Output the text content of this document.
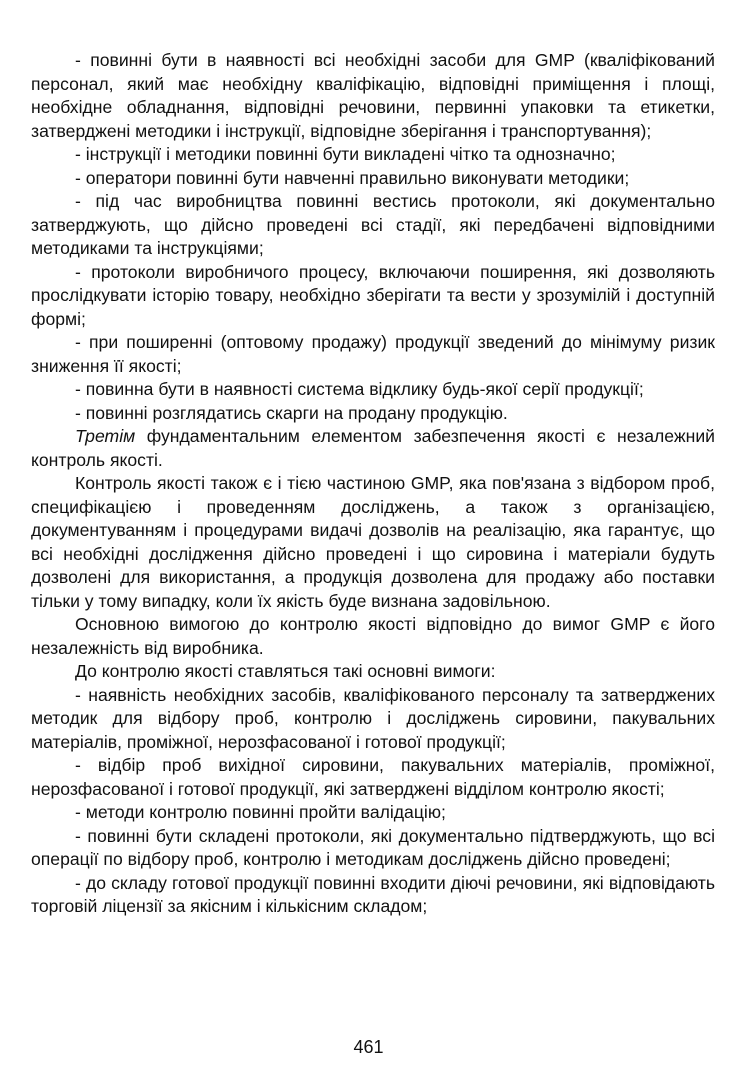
- повинні бути в наявності всі необхідні засоби для GMP (кваліфікований персонал, який має необхідну кваліфікацію, відповідні приміщення і площі, необхідне обладнання, відповідні речовини, первинні упаковки та етикетки, затверджені методики і інструкції, відповідне зберігання і транспортування);

- інструкції і методики повинні бути викладені чітко та однозначно;

- оператори повинні бути навченні правильно виконувати методики;

- під час виробництва повинні вестись протоколи, які документально затверджують, що дійсно проведені всі стадії, які передбачені відповідними методиками та інструкціями;

- протоколи виробничого процесу, включаючи поширення, які дозволяють прослідкувати історію товару, необхідно зберігати та вести у зрозумілій і доступній формі;

- при поширенні (оптовому продажу) продукції зведений до мінімуму ризик зниження її якості;

- повинна бути в наявності система відклику будь-якої серії продукції;

- повинні розглядатись скарги на продану продукцію.

Третім фундаментальним елементом забезпечення якості є незалежний контроль якості.

Контроль якості також є і тією частиною GMP, яка пов'язана з відбором проб, специфікацією і проведенням досліджень, а також з організацією, документуванням і процедурами видачі дозволів на реалізацію, яка гарантує, що всі необхідні дослідження дійсно проведені і що сировина і матеріали будуть дозволені для використання, а продукція дозволена для продажу або поставки тільки у тому випадку, коли їх якість буде визнана задовільною.

Основною вимогою до контролю якості відповідно до вимог GMP є його незалежність від виробника.

До контролю якості ставляться такі основні вимоги:

- наявність необхідних засобів, кваліфікованого персоналу та затверджених методик для відбору проб, контролю і досліджень сировини, пакувальних матеріалів, проміжної, нерозфасованої і готової продукції;

- відбір проб вихідної сировини, пакувальних матеріалів, проміжної, нерозфасованої і готової продукції, які затверджені відділом контролю якості;

- методи контролю повинні пройти валідацію;

- повинні бути складені протоколи, які документально підтверджують, що всі операції по відбору проб, контролю і методикам досліджень дійсно проведені;

- до складу готової продукції повинні входити діючі речовини, які відповідають торговій ліцензії за якісним і кількісним складом;

461
